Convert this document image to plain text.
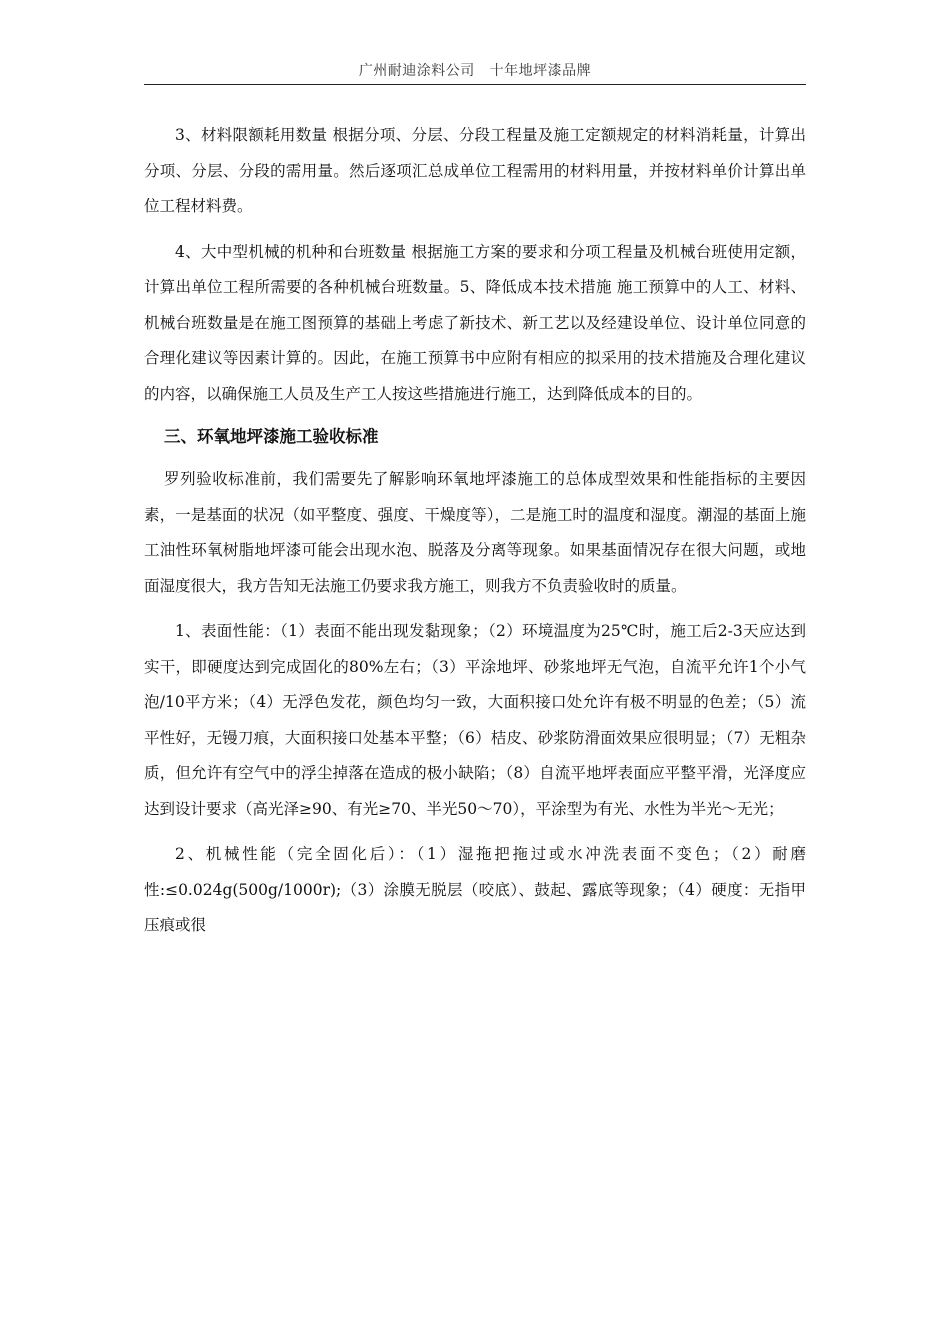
广州耐迪涂料公司   十年地坪漆品牌

3、材料限额耗用数量 根据分项、分层、分段工程量及施工定额规定的材料消耗量，计算出分项、分层、分段的需用量。然后逐项汇总成单位工程需用的材料用量，并按材料单价计算出单位工程材料费。

4、大中型机械的机种和台班数量 根据施工方案的要求和分项工程量及机械台班使用定额，计算出单位工程所需要的各种机械台班数量。5、降低成本技术措施 施工预算中的人工、材料、机械台班数量是在施工图预算的基础上考虑了新技术、新工艺以及经建设单位、设计单位同意的合理化建议等因素计算的。因此，在施工预算书中应附有相应的拟采用的技术措施及合理化建议的内容，以确保施工人员及生产工人按这些措施进行施工，达到降低成本的目的。

三、环氧地坪漆施工验收标准

罗列验收标准前，我们需要先了解影响环氧地坪漆施工的总体成型效果和性能指标的主要因素，一是基面的状况（如平整度、强度、干燥度等），二是施工时的温度和湿度。潮湿的基面上施工油性环氧树脂地坪漆可能会出现水泡、脱落及分离等现象。如果基面情况存在很大问题，或地面湿度很大，我方告知无法施工仍要求我方施工，则我方不负责验收时的质量。

1、表面性能：（1）表面不能出现发黏现象；（2）环境温度为25℃时，施工后2-3天应达到实干，即硬度达到完成固化的80%左右；（3）平涂地坪、砂浆地坪无气泡，自流平允许1个小气泡/10平方米；（4）无浮色发花，颜色均匀一致，大面积接口处允许有极不明显的色差；（5）流平性好，无镘刀痕，大面积接口处基本平整；（6）桔皮、砂浆防滑面效果应很明显；（7）无粗杂质，但允许有空气中的浮尘掉落在造成的极小缺陷；（8）自流平地坪表面应平整平滑，光泽度应达到设计要求（高光泽≥90、有光≥70、半光50～70），平涂型为有光、水性为半光～无光；

2、机械性能（完全固化后）：（1）湿拖把拖过或水冲洗表面不变色；（2）耐磨性:≤0.024g(500g/1000r);（3）涂膜无脱层（咬底）、鼓起、露底等现象；（4）硬度：无指甲压痕或很
